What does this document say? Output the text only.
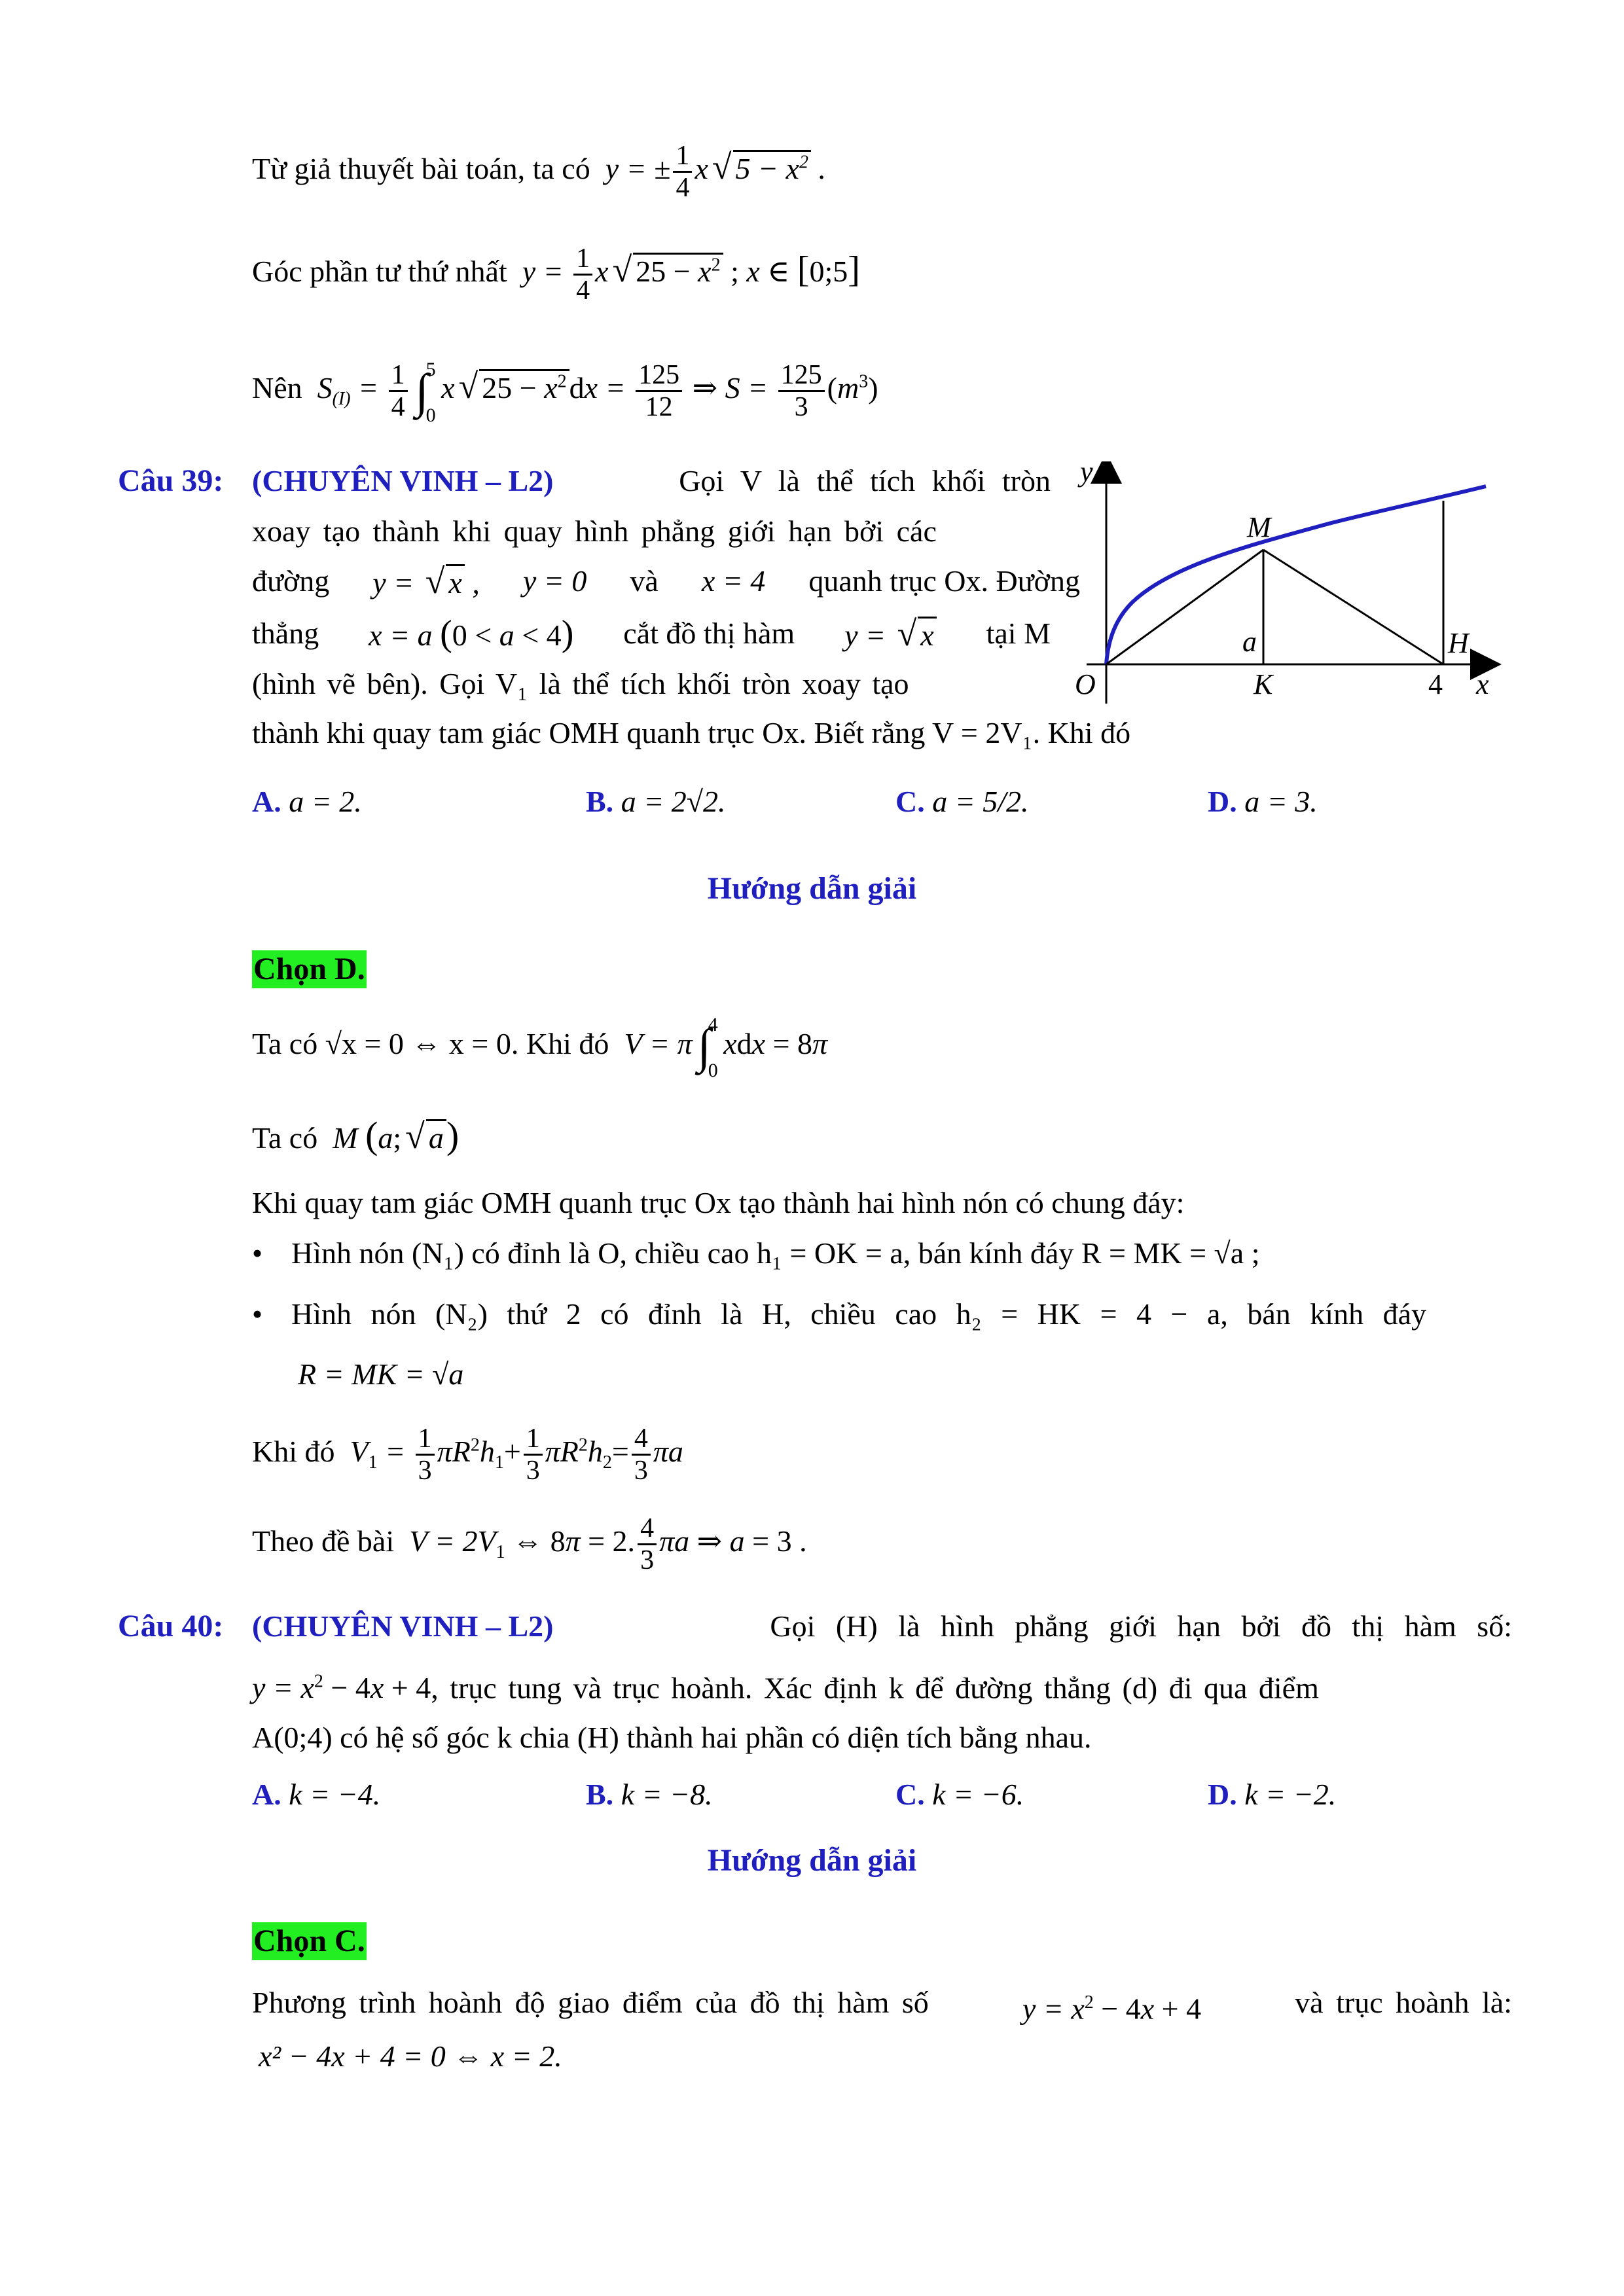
Từ giả thuyết bài toán, ta có  y = ± $\frac{1}{4}$ x √ $5 - x^2$ .
Góc phần tư thứ nhất  $y = \frac{1}{4}$ x √ $25 - x^2$ ; x ∈ [0;5]
Nên  $S_{(I)} = \frac{1}{4}$ ∫
5
0
x √ $25 - x^2dx = \frac{125}{12}$ ⇒ $S = \frac{125}{3} (m^3)$
Câu 39: (CHUYÊN VINH – L2)	Gọi V là thể tích khối tròn
xoay tạo thành khi quay hình phẳng giới hạn bởi các
đường y = √ x , y = 0 và x = 4 quanh trục Ox. Đường
thẳng x = a (0 < a < 4) cắt đồ thị hàm y = √ x tại M
(hình vẽ bên). Gọi V₁ là thể tích khối tròn xoay tạo
thành khi quay tam giác OMH quanh trục Ox. Biết rằng V = 2V₁. Khi đó
y
M
a	H
O	K	4 x
A. a = 2.	B. a = 2√2.	C. a = 5/2.	D. a = 3.
Hướng dẫn giải
Chọn D.
Ta có √x = 0 ⇔ x = 0. Khi đó  V = π ∫
4
0
xdx = 8π
Ta có  M (a; √ a)
Khi quay tam giác OMH quanh trục Ox tạo thành hai hình nón có chung đáy:
• Hình nón (N₁) có đỉnh là O, chiều cao h₁ = OK = a, bán kính đáy R = MK = √a ;
• Hình nón (N₂) thứ 2 có đỉnh là H, chiều cao h₂ = HK = 4 − a, bán kính đáy
R = MK = √a
Khi đó  $V_1 = \frac{1}{3} \pi R^2h_1+ \frac{1}{3} \pi R^2h_2= \frac{4}{3}$ πa
Theo đề bài  $V = 2V_1$ ⇔ 8π = 2. $\frac{4}{3}$ πa ⇒ a = 3 .
Câu 40: (CHUYÊN VINH – L2)	Gọi (H) là hình phẳng giới hạn bởi đồ thị hàm số:
$y = x^2 - 4x + 4$, trục tung và trục hoành. Xác định k để đường thẳng (d) đi qua điểm
A(0;4) có hệ số góc k chia (H) thành hai phần có diện tích bằng nhau.
A. k = −4.	B. k = −8.	C. k = −6.	D. k = −2.
Hướng dẫn giải
Chọn C.
Phương trình hoành độ giao điểm của đồ thị hàm số	$y = x^2 - 4x + 4$	và trục hoành là:
x² − 4x + 4 = 0 ⇔ x = 2.
